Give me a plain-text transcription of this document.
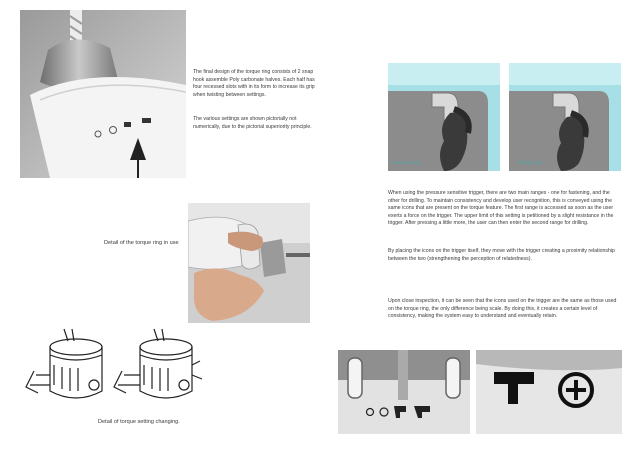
The final design of the torque ring consists of 2 snap hook assemble Poly carbonate halves. Each half has four recessed slots with in its form to increase its grip when twisting between settings.
The various settings are shown pictorially not numerically, due to the pictorial superiority principle.
screwing range	drilling range
When using the pressure sensitive trigger, there are two main ranges - one for fastening, and the other for drilling. To maintain consistency and develop user recognition, this is conveyed using the same icons that are present on the torque feature. The first range is accessed as soon as the user exerts a force on the trigger. The upper limit of this setting is petitioned by a slight resistance in the trigger. After pressing a little more, the user can then enter the second range for drilling.
By placing the icons on the trigger itself, they move with the trigger creating a proximity relationship between the two (strengthening the perception of relatedness).
Detail of the torque ring in use
Upon close inspection, it can be seen that the icons used on the trigger are the same as those used on the torque ring, the only difference being scale. By doing this, it creates a certain level of consistency, making the system easy to understand and eventually retain.
Detail of torque setting changing.
